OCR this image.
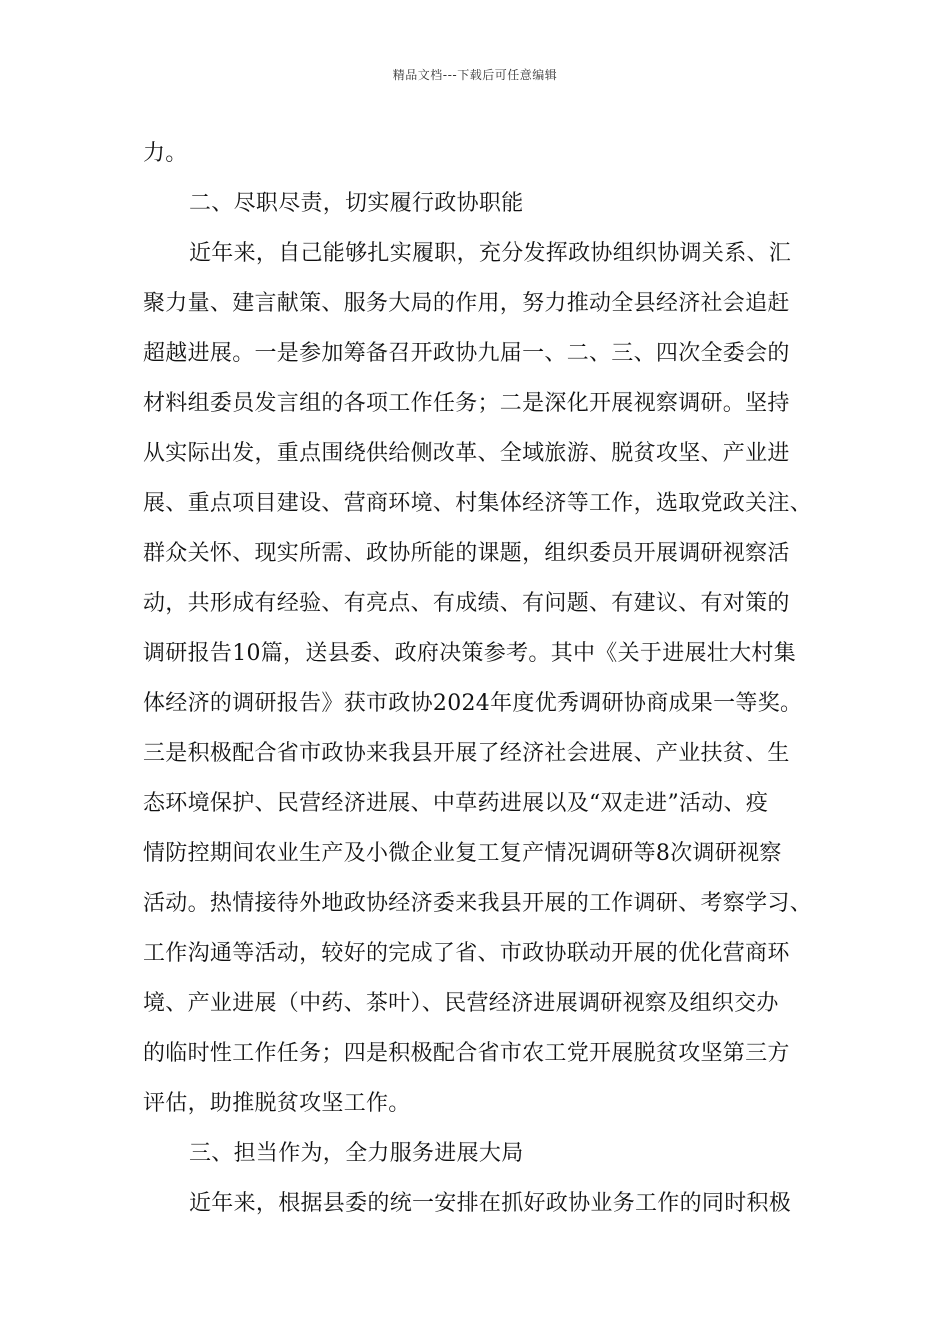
精品文档---下载后可任意编辑
力。
二、尽职尽责，切实履行政协职能
近年来，自己能够扎实履职，充分发挥政协组织协调关系、汇
聚力量、建言献策、服务大局的作用，努力推动全县经济社会追赶
超越进展。一是参加筹备召开政协九届一、二、三、四次全委会的
材料组委员发言组的各项工作任务；二是深化开展视察调研。坚持
从实际出发，重点围绕供给侧改革、全域旅游、脱贫攻坚、产业进
展、重点项目建设、营商环境、村集体经济等工作，选取党政关注、
群众关怀、现实所需、政协所能的课题，组织委员开展调研视察活
动，共形成有经验、有亮点、有成绩、有问题、有建议、有对策的
调研报告10篇，送县委、政府决策参考。其中《关于进展壮大村集
体经济的调研报告》获市政协2024年度优秀调研协商成果一等奖。
三是积极配合省市政协来我县开展了经济社会进展、产业扶贫、生
态环境保护、民营经济进展、中草药进展以及“双走进”活动、疫
情防控期间农业生产及小微企业复工复产情况调研等8次调研视察
活动。热情接待外地政协经济委来我县开展的工作调研、考察学习、
工作沟通等活动，较好的完成了省、市政协联动开展的优化营商环
境、产业进展（中药、茶叶）、民营经济进展调研视察及组织交办
的临时性工作任务；四是积极配合省市农工党开展脱贫攻坚第三方
评估，助推脱贫攻坚工作。
三、担当作为，全力服务进展大局
近年来，根据县委的统一安排在抓好政协业务工作的同时积极
